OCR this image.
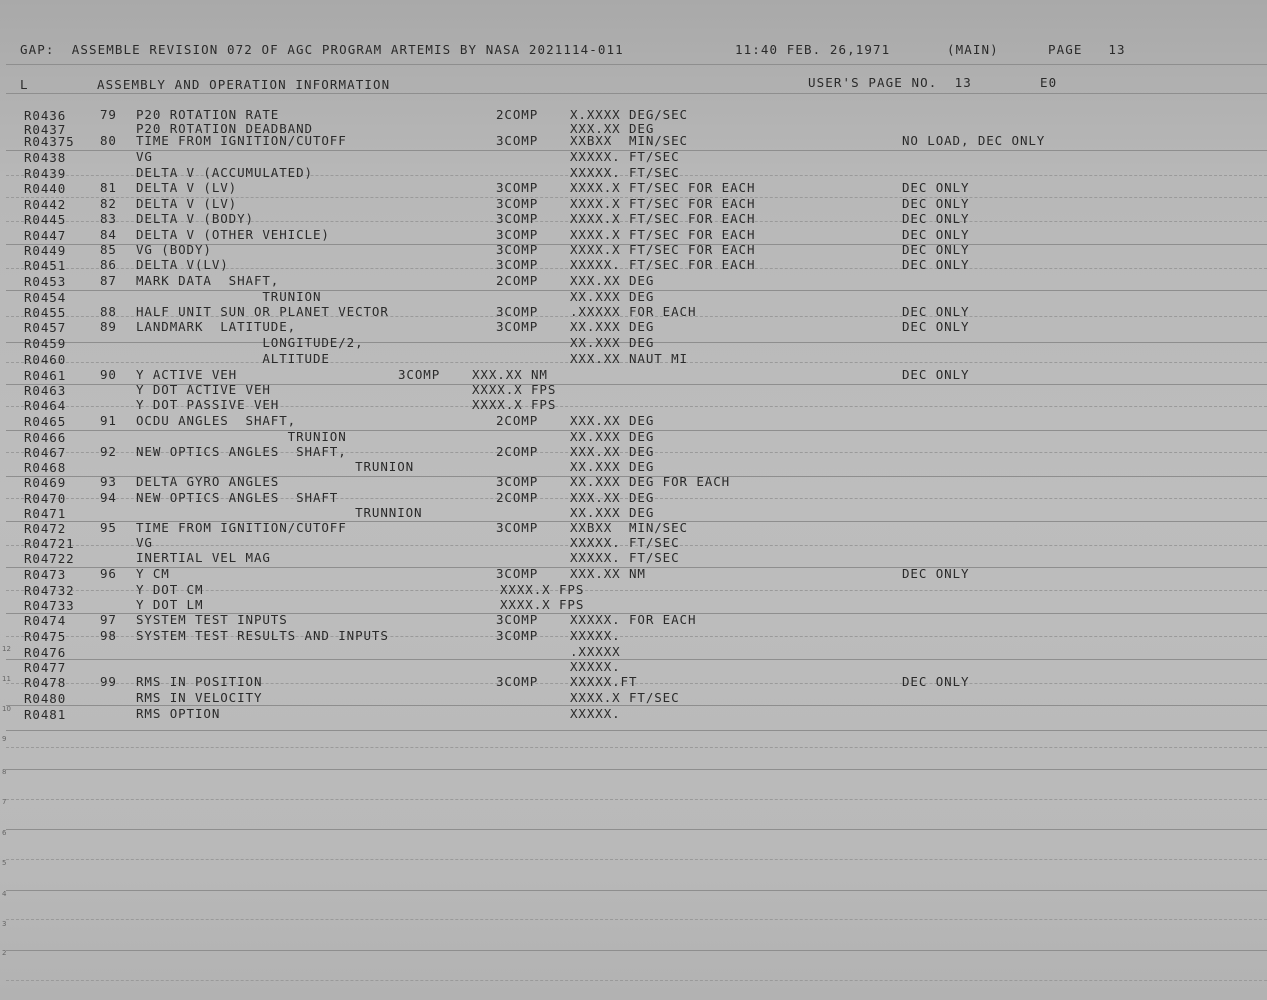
GAP:  ASSEMBLE REVISION 072 OF AGC PROGRAM ARTEMIS BY NASA 2021114-011	11:40 FEB. 26,1971	(MAIN)	PAGE   13
L	ASSEMBLY AND OPERATION INFORMATION	USER'S PAGE NO.  13	E0
R0436	79 P20 ROTATION RATE	2COMP	X.XXXX DEG/SEC
R0437	P20 ROTATION DEADBAND	XXX.XX DEG
R04375 80 TIME FROM IGNITION/CUTOFF	3COMP	XXBXX  MIN/SEC	NO LOAD, DEC ONLY
R0438	VG	XXXXX. FT/SEC
R0439	DELTA V (ACCUMULATED)	XXXXX. FT/SEC
R0440	81 DELTA V (LV)	3COMP	XXXX.X FT/SEC FOR EACH	DEC ONLY
R0442	82 DELTA V (LV)	3COMP	XXXX.X FT/SEC FOR EACH	DEC ONLY
R0445	83 DELTA V (BODY)	3COMP	XXXX.X FT/SEC FOR EACH	DEC ONLY
R0447	84 DELTA V (OTHER VEHICLE)	3COMP	XXXX.X FT/SEC FOR EACH	DEC ONLY
R0449	85 VG (BODY)	3COMP	XXXX.X FT/SEC FOR EACH	DEC ONLY
R0451	86 DELTA V(LV)	3COMP	XXXXX. FT/SEC FOR EACH	DEC ONLY
R0453	87 MARK DATA  SHAFT,	2COMP	XXX.XX DEG
R0454	TRUNION	XX.XXX DEG
R0455	88 HALF UNIT SUN OR PLANET VECTOR	3COMP	.XXXXX FOR EACH	DEC ONLY
R0457	89 LANDMARK  LATITUDE,	3COMP	XX.XXX DEG	DEC ONLY
R0459	LONGITUDE/2,	XX.XXX DEG
R0460	ALTITUDE	XXX.XX NAUT MI
R0461	90 Y ACTIVE VEH	3COMP	XXX.XX NM	DEC ONLY
R0463	Y DOT ACTIVE VEH	XXXX.X FPS
R0464	Y DOT PASSIVE VEH	XXXX.X FPS
R0465	91 OCDU ANGLES  SHAFT,	2COMP	XXX.XX DEG
R0466	TRUNION	XX.XXX DEG
R0467	92 NEW OPTICS ANGLES  SHAFT,	2COMP	XXX.XX DEG
R0468	TRUNION	XX.XXX DEG
R0469	93 DELTA GYRO ANGLES	3COMP	XX.XXX DEG FOR EACH
R0470	94 NEW OPTICS ANGLES  SHAFT	2COMP	XXX.XX DEG
R0471	TRUNNION	XX.XXX DEG
R0472	95 TIME FROM IGNITION/CUTOFF	3COMP	XXBXX  MIN/SEC
R04721	VG	XXXXX. FT/SEC
R04722	INERTIAL VEL MAG	XXXXX. FT/SEC
R0473	96 Y CM	3COMP	XXX.XX NM	DEC ONLY
R04732	Y DOT CM	XXXX.X FPS
R04733	Y DOT LM	XXXX.X FPS
R0474	97 SYSTEM TEST INPUTS	3COMP	XXXXX. FOR EACH
R0475	98 SYSTEM TEST RESULTS AND INPUTS	3COMP	XXXXX.
R0476	.XXXXX
R0477	XXXXX.
R0478	99 RMS IN POSITION	3COMP	XXXXX.FT	DEC ONLY
R0480	RMS IN VELOCITY	XXXX.X FT/SEC
R0481	RMS OPTION	XXXXX.
12
11
10
9
8
7
6
5
4
3
2
